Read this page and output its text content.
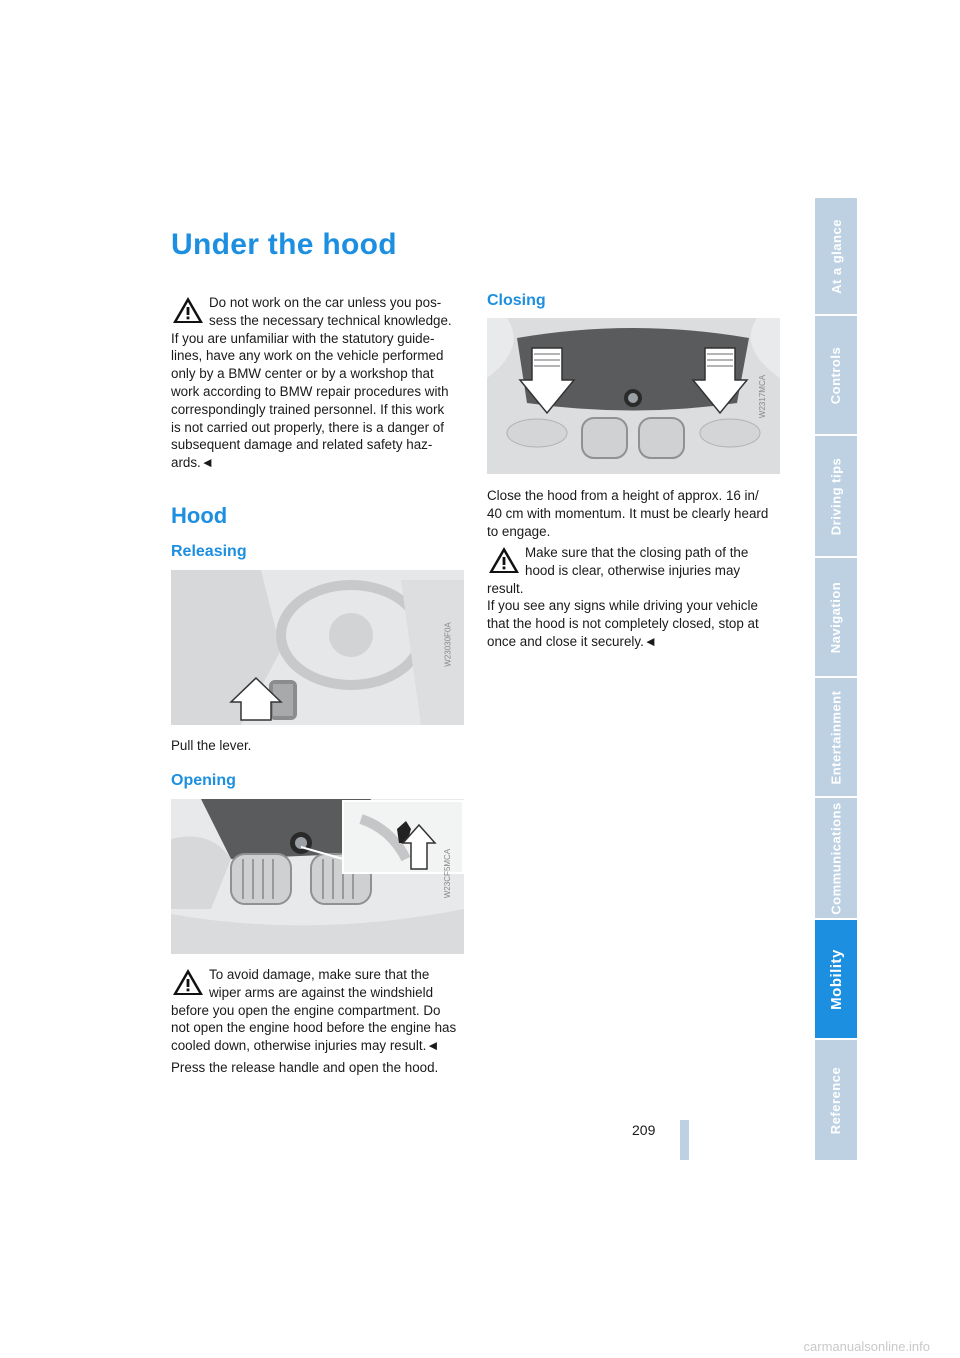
Under the hood
Do not work on the car unless you pos-
sess the necessary technical knowledge.
If you are unfamiliar with the statutory guide-
lines, have any work on the vehicle performed
only by a BMW center or by a workshop that
work according to BMW repair procedures with
correspondingly trained personnel. If this work
is not carried out properly, there is a danger of
subsequent damage and related safety haz-
ards.◄
Hood
Releasing
W23030F0A
Pull the lever.
Opening
W23CF5MCA
To avoid damage, make sure that the
wiper arms are against the windshield
before you open the engine compartment. Do
not open the engine hood before the engine has
cooled down, otherwise injuries may result.◄
Press the release handle and open the hood.
Closing
W2317MCA
Close the hood from a height of approx. 16 in/
40 cm with momentum. It must be clearly heard
to engage.
Make sure that the closing path of the
hood is clear, otherwise injuries may
result.
If you see any signs while driving your vehicle
that the hood is not completely closed, stop at
once and close it securely.◄
At a glance
Controls
Driving tips
Navigation
Entertainment
Communications
Mobility
Reference
209
carmanualsonline.info
